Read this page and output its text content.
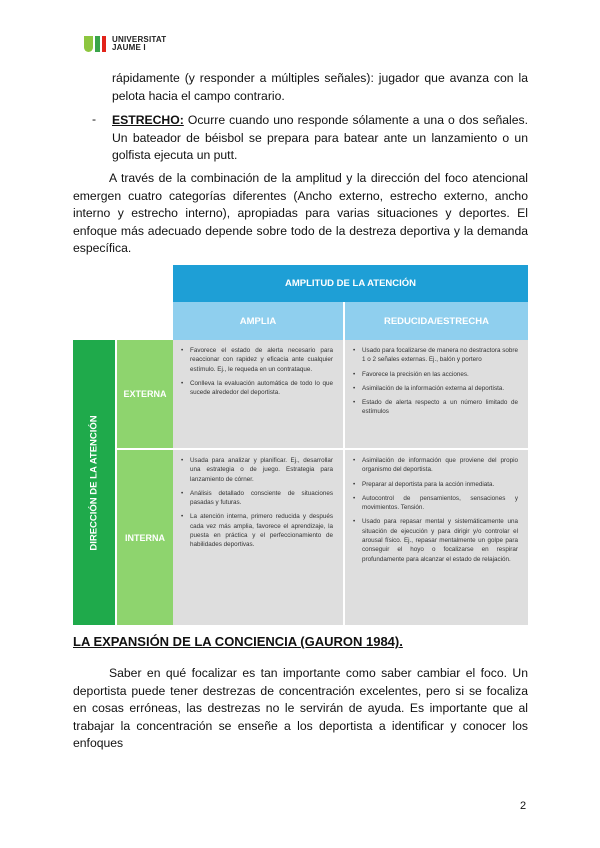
UNIVERSITAT
JAUME I

rápidamente (y responder a múltiples señales): jugador que avanza con la pelota hacia el campo contrario.

- ESTRECHO: Ocurre cuando uno responde sólamente a una o dos señales. Un bateador de béisbol se prepara para batear ante un lanzamiento o un golfista ejecuta un putt.

A través de la combinación de la amplitud y la dirección del foco atencional emergen cuatro categorías diferentes (Ancho externo, estrecho externo, ancho interno y estrecho interno), apropiadas para varias situaciones y deportes. El enfoque más adecuado depende sobre todo de la destreza deportiva y la demanda específica.

AMPLITUD DE LA ATENCIÓN
AMPLIA	REDUCIDA/ESTRECHA
DIRECCIÓN DE LA ATENCIÓN
EXTERNA
INTERNA
• Favorece el estado de alerta necesario para reaccionar con rapidez y eficacia ante cualquier estímulo. Ej., le requeda en un contrataque.
• Conlleva la evaluación automática de todo lo que sucede alrededor del deportista.
• Usado para focalizarse de manera no destractora sobre 1 o 2 señales externas. Ej., balón y portero
• Favorece la precisión en las acciones.
• Asimilación de la información externa al deportista.
• Estado de alerta respecto a un número limitado de estímulos
• Usada para analizar y planificar. Ej., desarrollar una estrategia o de juego. Estrategia para lanzamiento de córner.
• Análisis detallado consciente de situaciones pasadas y futuras.
• La atención interna, primero reducida y después cada vez más amplia, favorece el aprendizaje, la puesta en práctica y el perfeccionamiento de habilidades deportivas.
• Asimilación de información que proviene del propio organismo del deportista.
• Preparar al deportista para la acción inmediata.
• Autocontrol de pensamientos, sensaciones y movimientos. Tensión.
• Usado para repasar mental y sistemáticamente una situación de ejecución y para dirigir y/o controlar el arousal físico. Ej., repasar mentalmente un golpe para conseguir el hoyo o focalizarse en respirar profundamente para alcanzar el estado de relajación.
LA EXPANSIÓN DE LA CONCIENCIA (GAURON 1984).

Saber en qué focalizar es tan importante como saber cambiar el foco. Un deportista puede tener destrezas de concentración excelentes, pero si se focaliza en cosas erróneas, las destrezas no le servirán de ayuda. Es importante que al trabajar la concentración se enseñe a los deportista a identificar y conocer los enfoques

2
